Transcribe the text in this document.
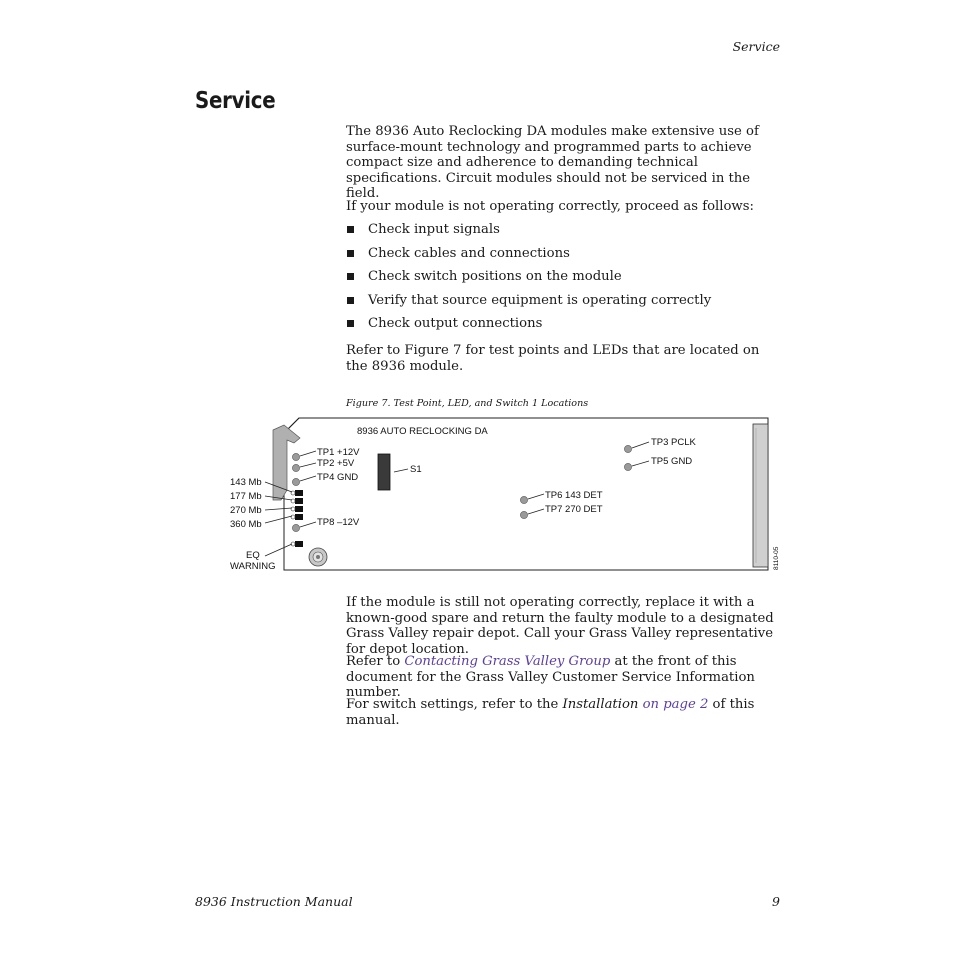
Service
Service
The 8936 Auto Reclocking DA modules make extensive use of surface-mount technology and programmed parts to achieve compact size and adherence to demanding technical specifications. Circuit modules should not be serviced in the field.
If your module is not operating correctly, proceed as follows:
Check input signals
Check cables and connections
Check switch positions on the module
Verify that source equipment is operating correctly
Check output connections
Refer to Figure 7 for test points and LEDs that are located on the 8936 module.
Figure 7. Test Point, LED, and Switch 1 Locations
8936 AUTO RECLOCKING DA
TP1 +12V
TP2 +5V
TP4 GND
TP8 –12V
143 Mb
177 Mb
270 Mb
360 Mb
EQ
WARNING
S1
TP6 143 DET
TP7 270 DET
TP3 PCLK
TP5 GND
8110-05
If the module is still not operating correctly, replace it with a known-good spare and return the faulty module to a designated Grass Valley repair depot. Call your Grass Valley representative for depot location.
Refer to Contacting Grass Valley Group at the front of this document for the Grass Valley Customer Service Information number.
For switch settings, refer to the Installation on page 2 of this manual.
8936 Instruction Manual	9
